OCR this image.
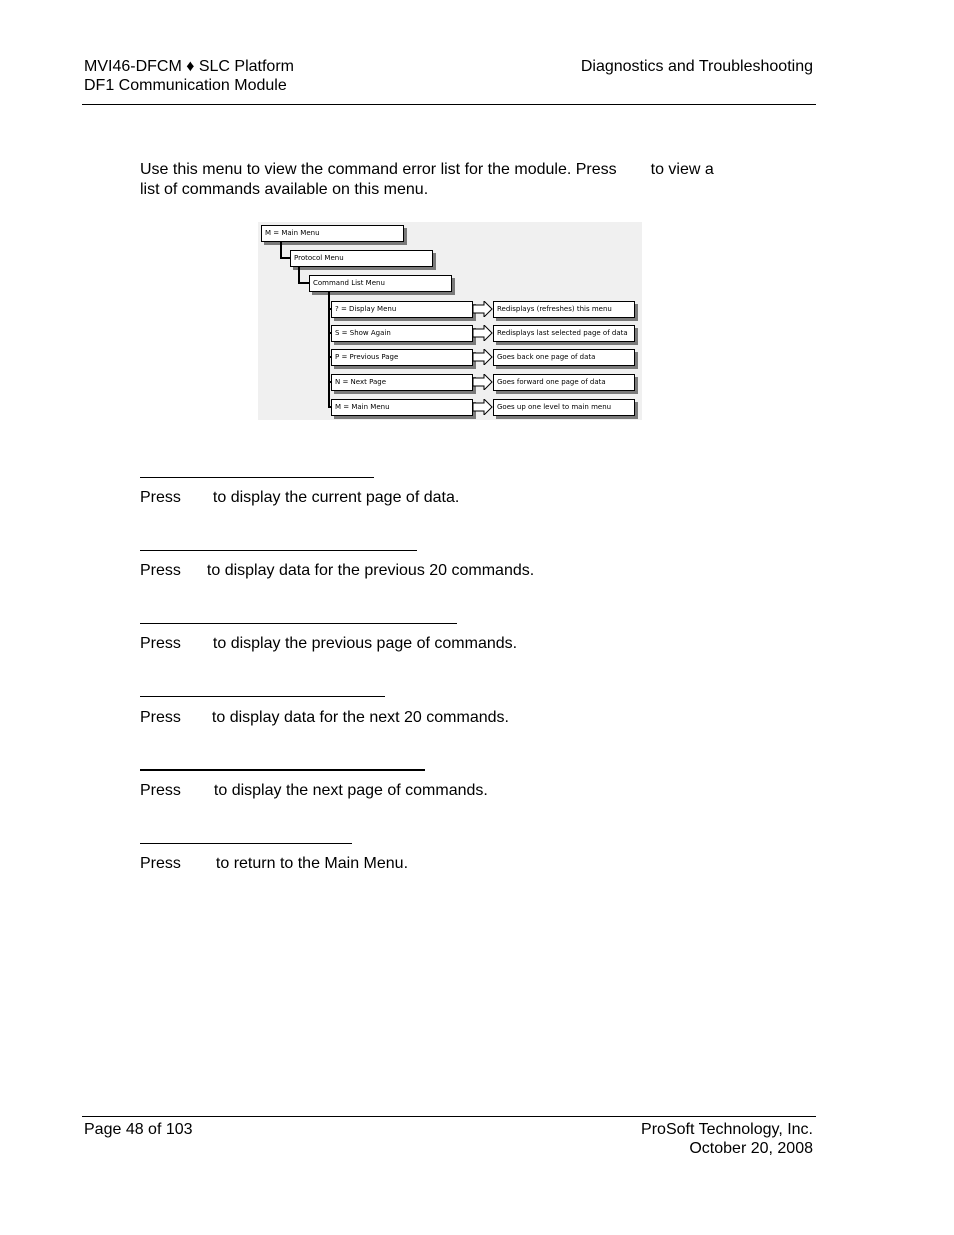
MVI46-DFCM ♦ SLC Platform
DF1 Communication Module
Diagnostics and Troubleshooting
Use this menu to view the command error list for the module. Press to view a
list of commands available on this menu.
M = Main Menu
Protocol Menu
Command List Menu
? = Display Menu	Redisplays (refreshes) this menu
S = Show Again	Redisplays last selected page of data
P = Previous Page	Goes back one page of data
N = Next Page	Goes forward one page of data
M = Main Menu	Goes up one level to main menu
Press to display the current page of data.
Press to display data for the previous 20 commands.
Press to display the previous page of commands.
Press to display data for the next 20 commands.
Press to display the next page of commands.
Press to return to the Main Menu.
Page 48 of 103	ProSoft Technology, Inc.
October 20, 2008
